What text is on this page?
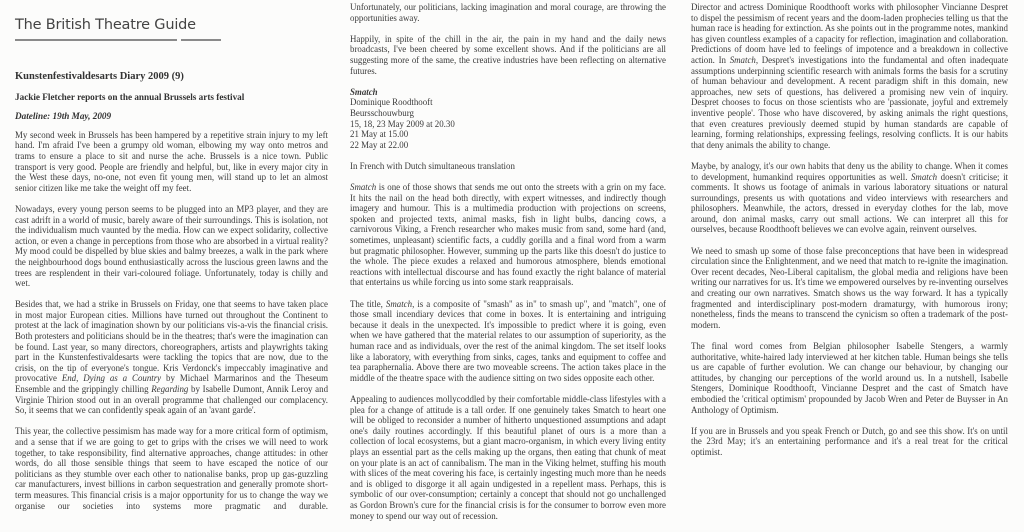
The British Theatre Guide
Kunstenfestivaldesarts Diary 2009 (9)
Jackie Fletcher reports on the annual Brussels arts festival
Dateline: 19th May, 2009

My second week in Brussels has been hampered by a repetitive strain injury to my left hand. I'm afraid I've been a grumpy old woman, elbowing my way onto metros and trams to ensure a place to sit and nurse the ache. Brussels is a nice town. Public transport is very good. People are friendly and helpful, but, like in every major city in the West these days, no-one, not even fit young men, will stand up to let an almost senior citizen like me take the weight off my feet.

Nowadays, every young person seems to be plugged into an MP3 player, and they are cast adrift in a world of music, barely aware of their surroundings. This is isolation, not the individualism much vaunted by the media. How can we expect solidarity, collective action, or even a change in perceptions from those who are absorbed in a virtual reality? My mood could be dispelled by blue skies and balmy breezes, a walk in the park where the neighbourhood dogs bound enthusiastically across the luscious green lawns and the trees are resplendent in their vari-coloured foliage. Unfortunately, today is chilly and wet.

Besides that, we had a strike in Brussels on Friday, one that seems to have taken place in most major European cities. Millions have turned out throughout the Continent to protest at the lack of imagination shown by our politicians vis-a-vis the financial crisis. Both protesters and politicians should be in the theatres; that's were the imagination can be found. Last year, so many directors, choreographers, artists and playwrights taking part in the Kunstenfestivaldesarts were tackling the topics that are now, due to the crisis, on the tip of everyone's tongue. Kris Verdonck's impeccably imaginative and provocative End, Dying as a Country by Michael Marmarinos and the Theseum Ensemble and the grippingly chilling Regarding by Isabelle Dumont, Annik Leroy and Virginie Thirion stood out in an overall programme that challenged our complacency. So, it seems that we can confidently speak again of an 'avant garde'.

This year, the collective pessimism has made way for a more critical form of optimism, and a sense that if we are going to get to grips with the crises we will need to work together, to take responsibility, find alternative approaches, change attitudes: in other words, do all those sensible things that seem to have escaped the notice of our politicians as they stumble over each other to nationalise banks, prop up gas-guzzling car manufacturers, invest billions in carbon sequestration and generally promote short-term measures. This financial crisis is a major opportunity for us to change the way we organise our societies into systems more pragmatic and durable.

Unfortunately, our politicians, lacking imagination and moral courage, are throwing the opportunities away.

Happily, in spite of the chill in the air, the pain in my hand and the daily news broadcasts, I've been cheered by some excellent shows. And if the politicians are all suggesting more of the same, the creative industries have been reflecting on alternative futures.

Smatch
Dominique Roodthooft
Beursschouwburg
15, 18, 23 May 2009 at 20.30
21 May at 15.00
22 May at 22.00

In French with Dutch simultaneous translation

Smatch is one of those shows that sends me out onto the streets with a grin on my face. It hits the nail on the head both directly, with expert witnesses, and indirectly though imagery and humour. This is a multimedia production with projections on screens, spoken and projected texts, animal masks, fish in light bulbs, dancing cows, a carnivorous Viking, a French researcher who makes music from sand, some hard (and, sometimes, unpleasant) scientific facts, a cuddly gorilla and a final word from a warm but pragmatic philosopher. However, summing up the parts like this doesn't do justice to the whole. The piece exudes a relaxed and humorous atmosphere, blends emotional reactions with intellectual discourse and has found exactly the right balance of material that entertains us while forcing us into some stark reappraisals.

The title, Smatch, is a composite of "smash" as in" to smash up", and "match", one of those small incendiary devices that come in boxes. It is entertaining and intriguing because it deals in the unexpected. It's impossible to predict where it is going, even when we have gathered that the material relates to our assumption of superiority, as the human race and as individuals, over the rest of the animal kingdom. The set itself looks like a laboratory, with everything from sinks, cages, tanks and equipment to coffee and tea paraphernalia. Above there are two moveable screens. The action takes place in the middle of the theatre space with the audience sitting on two sides opposite each other.

Appealing to audiences mollycoddled by their comfortable middle-class lifestyles with a plea for a change of attitude is a tall order. If one genuinely takes Smatch to heart one will be obliged to reconsider a number of hitherto unquestioned assumptions and adapt one's daily routines accordingly. If this beautiful planet of ours is a more than a collection of local ecosystems, but a giant macro-organism, in which every living entity plays an essential part as the cells making up the organs, then eating that chunk of meat on your plate is an act of cannibalism. The man in the Viking helmet, stuffing his mouth with slices of the meat covering his face, is certainly ingesting much more than he needs and is obliged to disgorge it all again undigested in a repellent mass. Perhaps, this is symbolic of our over-consumption; certainly a concept that should not go unchallenged as Gordon Brown's cure for the financial crisis is for the consumer to borrow even more money to spend our way out of recession.

Director and actress Dominique Roodthooft works with philosopher Vincianne Despret to dispel the pessimism of recent years and the doom-laden prophecies telling us that the human race is heading for extinction. As she points out in the programme notes, mankind has given countless examples of a capacity for reflection, imagination and collaboration. Predictions of doom have led to feelings of impotence and a breakdown in collective action. In Smatch, Despret's investigations into the fundamental and often inadequate assumptions underpinning scientific research with animals forms the basis for a scrutiny of human behaviour and development. A recent paradigm shift in this domain, new approaches, new sets of questions, has delivered a promising new vein of inquiry. Despret chooses to focus on those scientists who are 'passionate, joyful and extremely inventive people'. Those who have discovered, by asking animals the right questions, that even creatures previously deemed stupid by human standards are capable of learning, forming relationships, expressing feelings, resolving conflicts. It is our habits that deny animals the ability to change.

Maybe, by analogy, it's our own habits that deny us the ability to change. When it comes to development, humankind requires opportunities as well. Smatch doesn't criticise; it comments. It shows us footage of animals in various laboratory situations or natural surroundings, presents us with quotations and video interviews with researchers and philosophers. Meanwhile, the actors, dressed in everyday clothes for the lab, move around, don animal masks, carry out small actions. We can interpret all this for ourselves, because Roodthooft believes we can evolve again, reinvent ourselves.

We need to smash up some of those false preconceptions that have been in widespread circulation since the Enlightenment, and we need that match to re-ignite the imagination. Over recent decades, Neo-Liberal capitalism, the global media and religions have been writing our narratives for us. It's time we empowered ourselves by re-inventing ourselves and creating our own narratives. Smatch shows us the way forward. It has a typically fragmented and interdisciplinary post-modern dramaturgy, with humorous irony; nonetheless, finds the means to transcend the cynicism so often a trademark of the post-modern.

The final word comes from Belgian philosopher Isabelle Stengers, a warmly authoritative, white-haired lady interviewed at her kitchen table. Human beings she tells us are capable of further evolution. We can change our behaviour, by changing our attitudes, by changing our perceptions of the world around us. In a nutshell, Isabelle Stengers, Dominique Roodthooft, Vincianne Despret and the cast of Smatch have embodied the 'critical optimism' propounded by Jacob Wren and Peter de Buysser in An Anthology of Optimism.

If you are in Brussels and you speak French or Dutch, go and see this show. It's on until the 23rd May; it's an entertaining performance and it's a real treat for the critical optimist.
